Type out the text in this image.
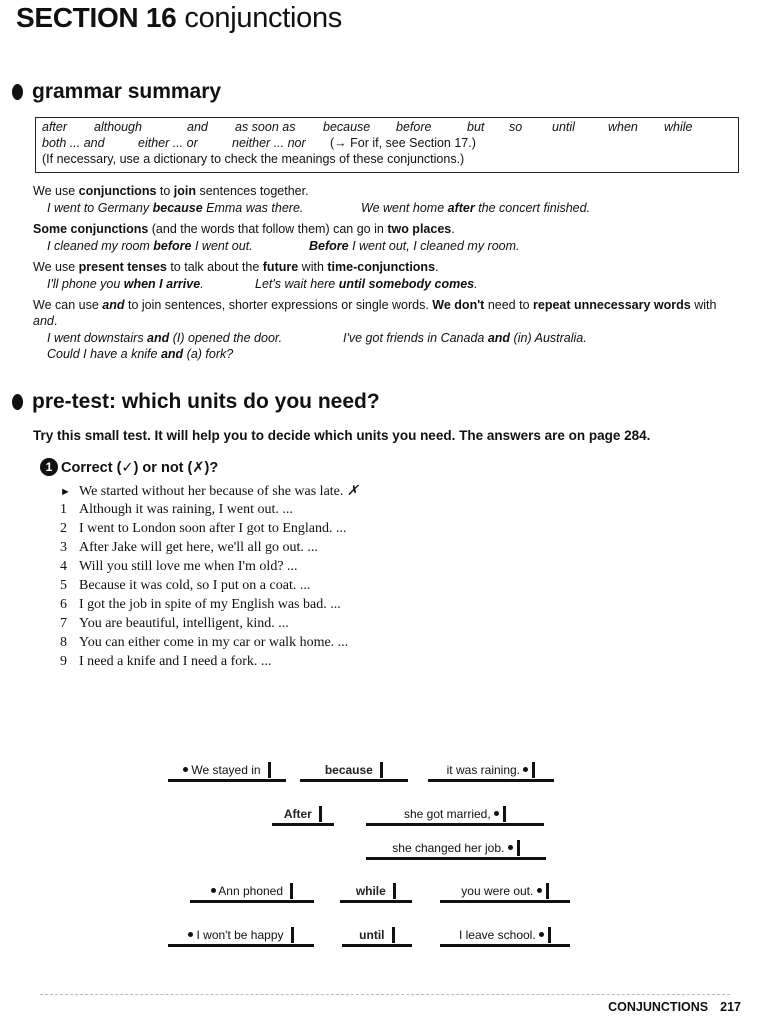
SECTION 16 conjunctions
grammar summary
after although	and as soon as because before	but so until	when while
both ... and	either ... or	neither ... nor (→ For if, see Section 17.)
(If necessary, use a dictionary to check the meanings of these conjunctions.)
We use conjunctions to join sentences together.
I went to Germany because Emma was there.	We went home after the concert finished.
Some conjunctions (and the words that follow them) can go in two places.
I cleaned my room before I went out.	Before I went out, I cleaned my room.
We use present tenses to talk about the future with time-conjunctions.
I'll phone you when I arrive.	Let's wait here until somebody comes.
We can use and to join sentences, shorter expressions or single words. We don't need to repeat unnecessary words with and.
I went downstairs and (I) opened the door.	I've got friends in Canada and (in) Australia.
Could I have a knife and (a) fork?
pre-test: which units do you need?
Try this small test. It will help you to decide which units you need. The answers are on page 284.
1 Correct (✓) or not (✗)?
► We started without her because of she was late. ✗
1 Although it was raining, I went out. ...
2 I went to London soon after I got to England. ...
3 After Jake will get here, we'll all go out. ...
4 Will you still love me when I'm old? ...
5 Because it was cold, so I put on a coat. ...
6 I got the job in spite of my English was bad. ...
7 You are beautiful, intelligent, kind. ...
8 You can either come in my car or walk home. ...
9 I need a knife and I need a fork. ...
We stayed in	because	it was raining.
After	she got married,
she changed her job.
Ann phoned	while	you were out.
I won't be happy	until	I leave school.
CONJUNCTIONS 217
